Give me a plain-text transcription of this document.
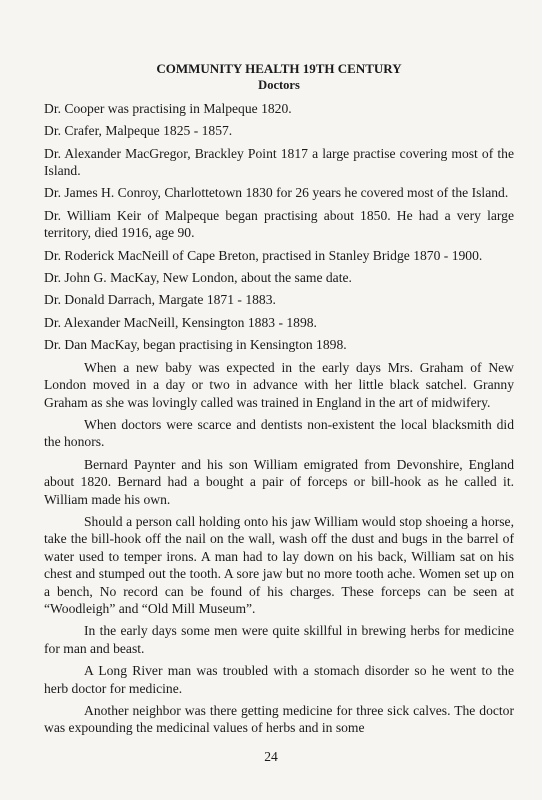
COMMUNITY HEALTH 19TH CENTURY

Doctors

Dr. Cooper was practising in Malpeque 1820.

Dr. Crafer, Malpeque 1825 - 1857.

Dr. Alexander MacGregor, Brackley Point 1817 a large practise covering most of the Island.

Dr. James H. Conroy, Charlottetown 1830 for 26 years he covered most of the Island.

Dr. William Keir of Malpeque began practising about 1850. He had a very large territory, died 1916, age 90.

Dr. Roderick MacNeill of Cape Breton, practised in Stanley Bridge 1870 - 1900.

Dr. John G. MacKay, New London, about the same date.

Dr. Donald Darrach, Margate 1871 - 1883.

Dr. Alexander MacNeill, Kensington 1883 - 1898.

Dr. Dan MacKay, began practising in Kensington 1898.

When a new baby was expected in the early days Mrs. Graham of New London moved in a day or two in advance with her little black satchel. Granny Graham as she was lovingly called was trained in England in the art of midwifery.

When doctors were scarce and dentists non-existent the local blacksmith did the honors.

Bernard Paynter and his son William emigrated from Devonshire, England about 1820. Bernard had a bought a pair of forceps or bill-hook as he called it. William made his own.

Should a person call holding onto his jaw William would stop shoeing a horse, take the bill-hook off the nail on the wall, wash off the dust and bugs in the barrel of water used to temper irons. A man had to lay down on his back, William sat on his chest and stumped out the tooth. A sore jaw but no more tooth ache. Women set up on a bench, No record can be found of his charges. These forceps can be seen at “Woodleigh” and “Old Mill Museum”.

In the early days some men were quite skillful in brewing herbs for medicine for man and beast.

A Long River man was troubled with a stomach disorder so he went to the herb doctor for medicine.

Another neighbor was there getting medicine for three sick calves. The doctor was expounding the medicinal values of herbs and in some

24
